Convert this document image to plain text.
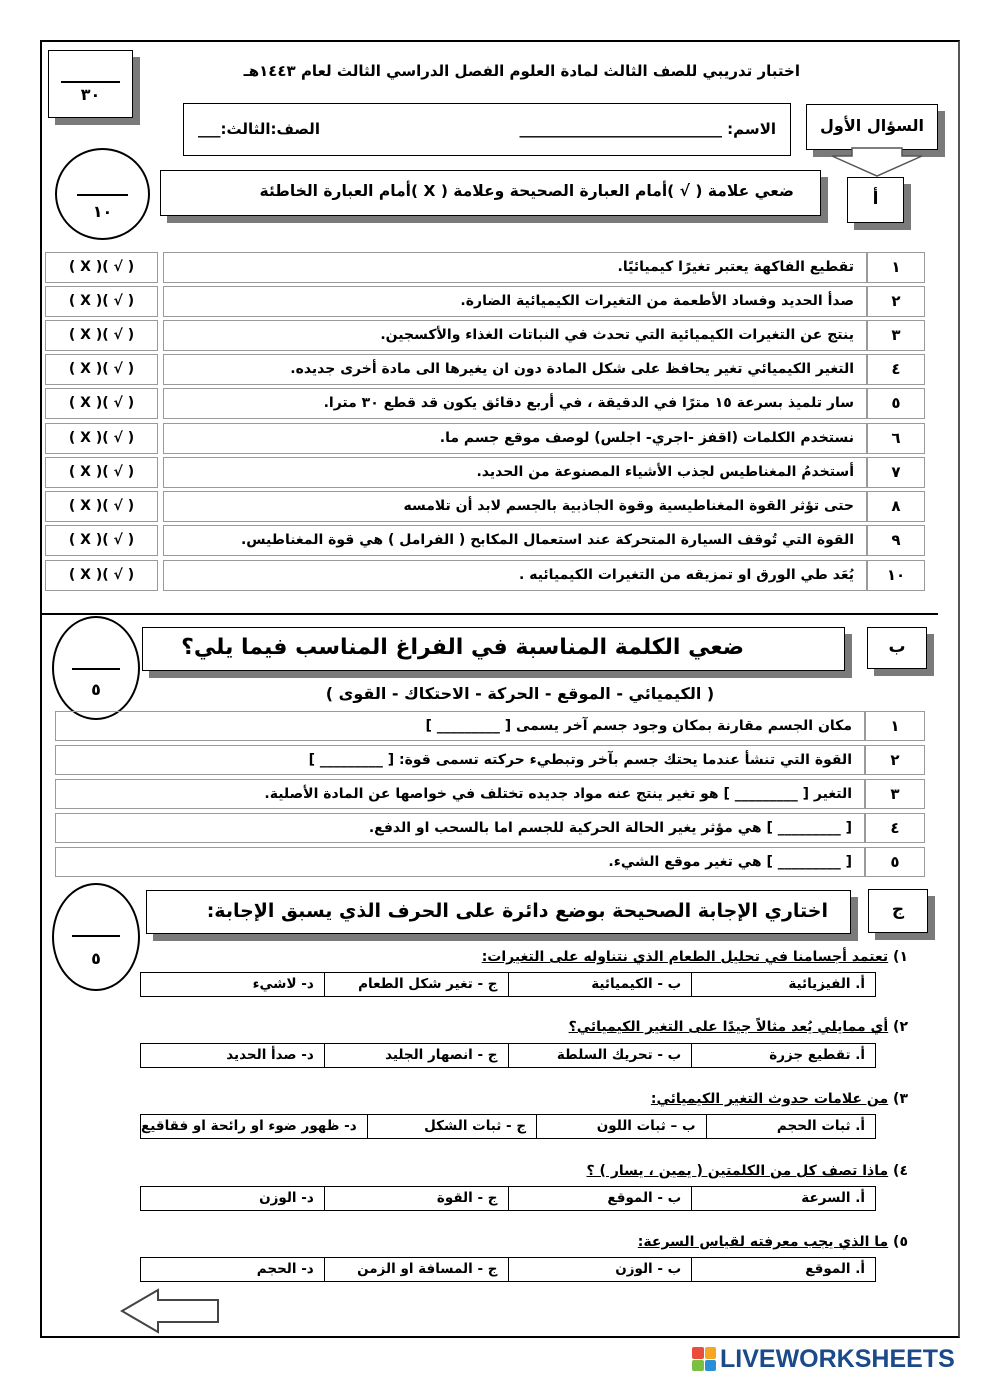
اختبار تدريبي للصف الثالث لمادة العلوم الفصل الدراسي الثالث لعام ١٤٤٣هـ
٣٠
الاسم: ___________________________
الصف:الثالث:___	السؤال الأول
١٠
ضعي علامة ( √ )أمام العبارة الصحيحة وعلامة ( X )أمام العبارة الخاطئة	أ
( X )( √ )	تقطيع الفاكهة يعتبر تغيرًا كيميائيًا.	١
( X )( √ )	صدأ الحديد وفساد الأطعمة من التغيرات الكيميائية الضارة.	٢
( X )( √ )	ينتج عن التغيرات الكيميائية التي تحدث في النباتات الغذاء والأكسجين.	٣
( X )( √ )	التغير الكيميائي تغير يحافظ على شكل المادة دون ان يغيرها الى مادة أخرى جديده.	٤
( X )( √ )	سار تلميذ بسرعة ١٥ مترًا في الدقيقة ، في أربع دقائق يكون قد قطع ٣٠ مترا.	٥
( X )( √ )	نستخدم الكلمات (اقفز -اجري- اجلس) لوصف موقع جسم ما.	٦
( X )( √ )	أستخدمُ المغناطيس لجذب الأشياء المصنوعة من الحديد.	٧
( X )( √ )	حتى تؤثر القوة المغناطيسية وقوة الجاذبية بالجسم لابد أن تلامسه	٨
( X )( √ )	القوة التي تُوقف السيارة المتحركة عند استعمال المكابح ( الفرامل ) هي قوة المغناطيس.	٩
( X )( √ )	يُعَد طي الورق او تمزيقه من التغيرات الكيميائيه .	١٠
٥
ضعي الكلمة المناسبة في الفراغ المناسب فيما يلي؟	ب
( الكيميائي - الموقع - الحركة - الاحتكاك - القوى )
مكان الجسم مقارنة بمكان وجود جسم آخر يسمى [ _________ ]	١
القوة التي تنشأ عندما يحتك جسم بآخر وتبطيء حركته تسمى قوة: [ _________ ]	٢
التغير [ _________ ] هو تغير ينتج عنه مواد جديده تختلف في خواصها عن المادة الأصلية.	٣
[ _________ ] هي مؤثر يغير الحالة الحركية للجسم اما بالسحب او الدفع.	٤
[ _________ ] هي تغير موقع الشيء.	٥
٥
اختاري الإجابة الصحيحة بوضع دائرة على الحرف الذي يسبق الإجابة:	ج
١) تعتمد أجسامنا في تحليل الطعام الذي نتناوله على التغيرات:
أ. الفيزيائية
ب - الكيميائية
ج - تغير شكل الطعام
د- لاشيء
٢) أي ممايلي يُعد مثالاً جيدًا على التغير الكيميائي؟
أ. تقطيع جزرة
ب - تحريك السلطة
ج - انصهار الجليد
د- صدأ الحديد
٣) من علامات حدوث التغير الكيميائي:
أ. ثبات الحجم
ب – ثبات اللون
ج - ثبات الشكل
د- ظهور ضوء او رائحة او فقاقيع
٤) ماذا تصف كل من الكلمتين ( يمين ، يسار ) ؟
أ. السرعة
ب - الموقع
ج - القوة
د- الوزن
٥) ما الذي يجب معرفته لقياس السرعة:
أ. الموقع
ب - الوزن
ج - المسافة او الزمن
د- الحجم
LIVEWORKSHEETS
